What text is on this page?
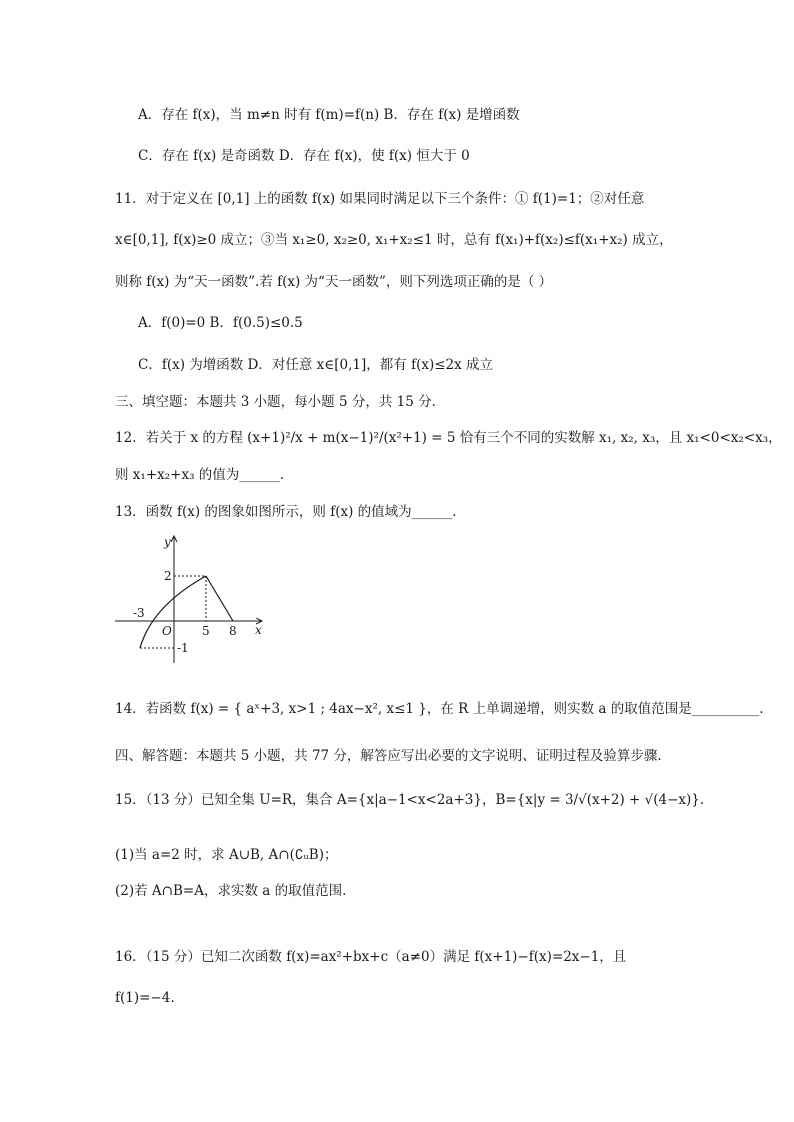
A．存在 f(x)，当 m≠n 时有 f(m)=f(n) B．存在 f(x) 是增函数
C．存在 f(x) 是奇函数 D．存在 f(x)，使 f(x) 恒大于 0
11．对于定义在 [0,1] 上的函数 f(x) 如果同时满足以下三个条件：① f(1)=1；②对任意
x∈[0,1], f(x)≥0 成立；③当 x₁≥0, x₂≥0, x₁+x₂≤1 时，总有 f(x₁)+f(x₂)≤f(x₁+x₂) 成立，
则称 f(x) 为“天一函数”.若 f(x) 为“天一函数”，则下列选项正确的是（ ）
A．f(0)=0 B．f(0.5)≤0.5
C．f(x) 为增函数 D．对任意 x∈[0,1]，都有 f(x)≤2x 成立
三、填空题：本题共 3 小题，每小题 5 分，共 15 分.
12．若关于 x 的方程 (x+1)²/x + m(x−1)²/(x²+1) = 5 恰有三个不同的实数解 x₁, x₂, x₃，且 x₁<0<x₂<x₃，
则 x₁+x₂+x₃ 的值为______.
13．函数 f(x) 的图象如图所示，则 f(x) 的值域为______.
y
x
O
-3
5 8
2
-1
14．若函数 f(x) = { aˣ+3, x>1 ; 4ax−x², x≤1 }，在 R 上单调递增，则实数 a 的取值范围是__________.
四、解答题：本题共 5 小题，共 77 分，解答应写出必要的文字说明、证明过程及验算步骤.
15．（13 分）已知全集 U=R，集合 A={x|a−1<x<2a+3}，B={x|y = 3/√(x+2) + √(4−x)}.
(1)当 a=2 时，求 A∪B, A∩(∁ᵤB)；
(2)若 A∩B=A，求实数 a 的取值范围.
16．（15 分）已知二次函数 f(x)=ax²+bx+c（a≠0）满足 f(x+1)−f(x)=2x−1，且
f(1)=−4.
